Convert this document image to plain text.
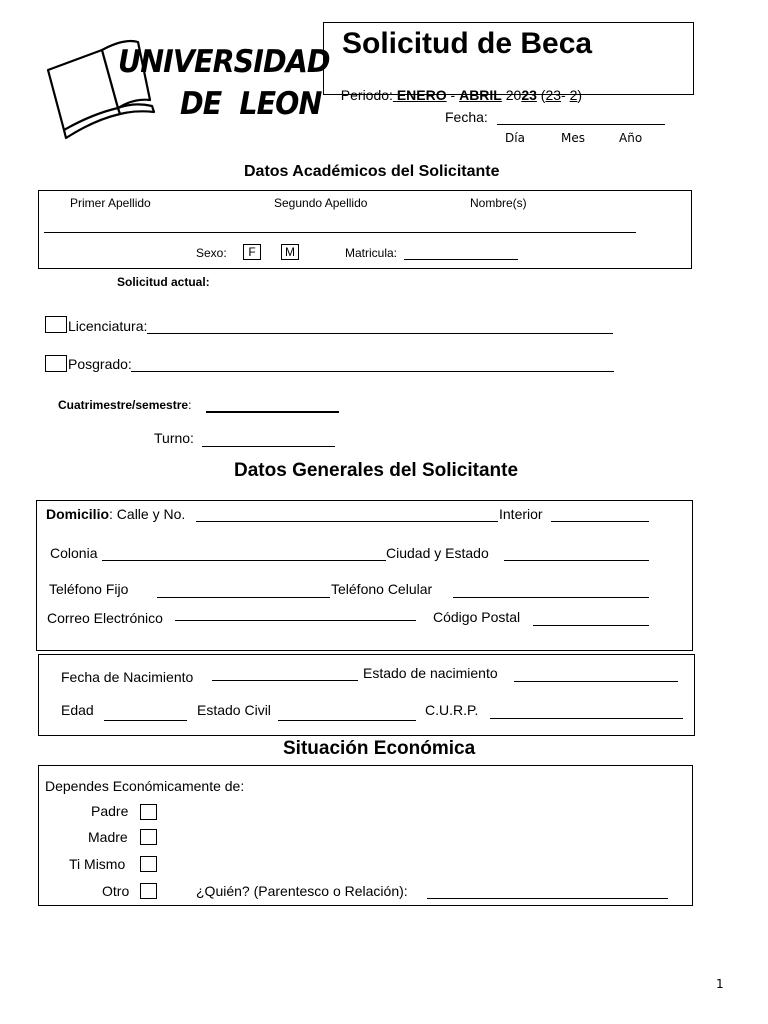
UNIVERSIDAD
DE  LEON
Solicitud de Beca

Periodo: ENERO - ABRIL 2023 (23- 2)

Fecha:
Día	Mes	Año
Datos Académicos del Solicitante
Primer Apellido	Segundo Apellido	Nombre(s)
Sexo:	F	M	Matricula:
Solicitud actual:
Licenciatura:
Posgrado:
Cuatrimestre/semestre:
Turno:
Datos Generales del Solicitante
Domicilio: Calle y No.	Interior
Colonia	Ciudad y Estado
Teléfono Fijo	Teléfono Celular
Correo Electrónico	Código Postal
Fecha de Nacimiento	Estado de nacimiento
Edad	Estado Civil	C.U.R.P.
Situación Económica
Dependes Económicamente de:
Padre
Madre
Ti Mismo
Otro	¿Quién? (Parentesco o Relación):
1
